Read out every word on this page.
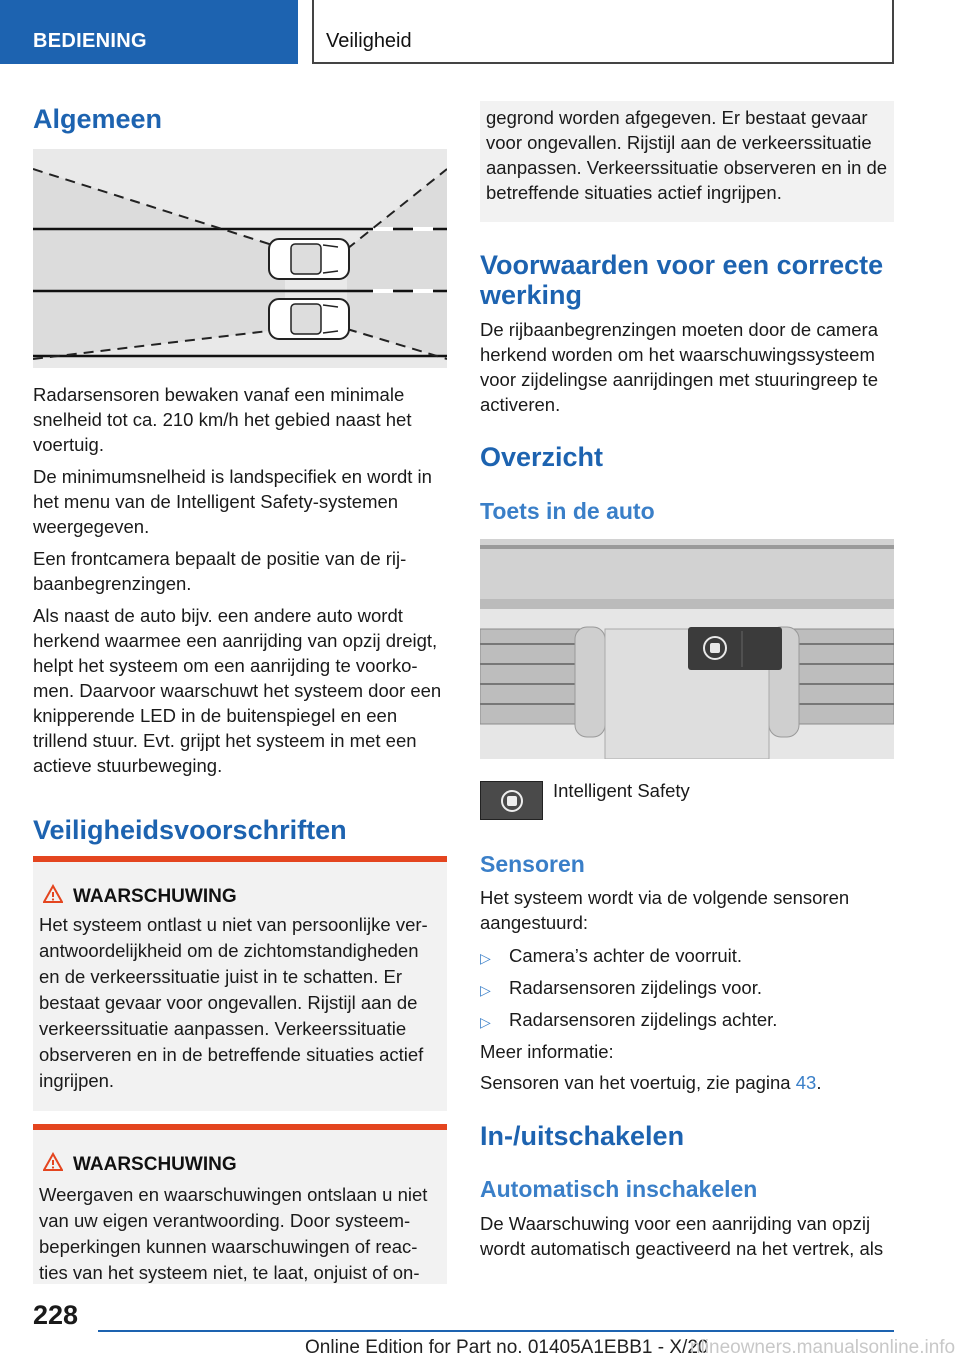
BEDIENING	Veiligheid
Algemeen
Radarsensoren bewaken vanaf een minimale snelheid tot ca. 210 km/h het gebied naast het voertuig.
De minimumsnelheid is landspecifiek en wordt in het menu van de Intelligent Safety-systemen weergegeven.
Een frontcamera bepaalt de positie van de rij-baanbegrenzingen.
Als naast de auto bijv. een andere auto wordt herkend waarmee een aanrijding van opzij dreigt, helpt het systeem om een aanrijding te voorko-men. Daarvoor waarschuwt het systeem door een knipperende LED in de buitenspiegel en een trillend stuur. Evt. grijpt het systeem in met een actieve stuurbeweging.
Veiligheidsvoorschriften
WAARSCHUWING
Het systeem ontlast u niet van persoonlijke ver-antwoordelijkheid om de zichtomstandigheden en de verkeerssituatie juist in te schatten. Er bestaat gevaar voor ongevallen. Rijstijl aan de verkeerssituatie aanpassen. Verkeerssituatie observeren en in de betreffende situaties actief ingrijpen.
WAARSCHUWING
Weergaven en waarschuwingen ontslaan u niet van uw eigen verantwoording. Door systeem-beperkingen kunnen waarschuwingen of reac-ties van het systeem niet, te laat, onjuist of on-
gegrond worden afgegeven. Er bestaat gevaar voor ongevallen. Rijstijl aan de verkeerssituatie aanpassen. Verkeerssituatie observeren en in de betreffende situaties actief ingrijpen.
Voorwaarden voor een correcte werking
De rijbaanbegrenzingen moeten door de camera herkend worden om het waarschuwingssysteem voor zijdelingse aanrijdingen met stuuringreep te activeren.
Overzicht
Toets in de auto
Intelligent Safety
Sensoren
Het systeem wordt via de volgende sensoren aangestuurd:
▷ Camera’s achter de voorruit.
▷ Radarsensoren zijdelings voor.
▷ Radarsensoren zijdelings achter.
Meer informatie:
Sensoren van het voertuig, zie pagina 43.
In-/uitschakelen
Automatisch inschakelen
De Waarschuwing voor een aanrijding van opzij wordt automatisch geactiveerd na het vertrek, als
228
Online Edition for Part no. 01405A1EBB1 - X/20
nlineowners.manualsonline.info
